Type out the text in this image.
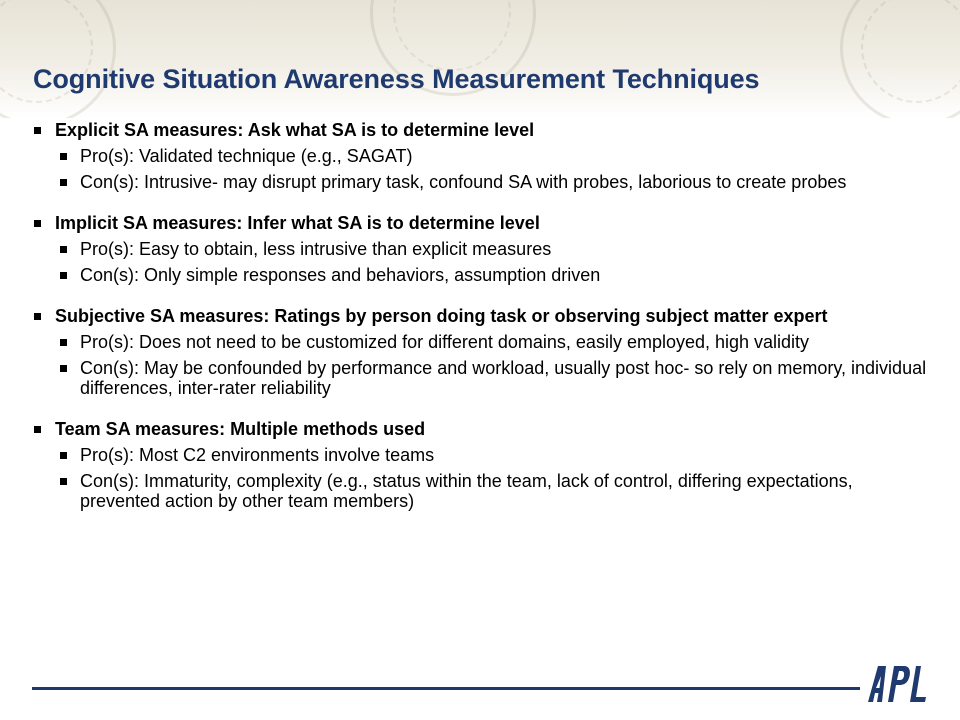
Cognitive Situation Awareness Measurement Techniques
Explicit SA measures: Ask what SA is to determine level
Pro(s): Validated technique (e.g., SAGAT)
Con(s): Intrusive- may disrupt primary task, confound SA with probes, laborious to create probes
Implicit SA measures: Infer what SA is to determine level
Pro(s): Easy to obtain, less intrusive than explicit measures
Con(s): Only simple responses and behaviors, assumption driven
Subjective SA measures: Ratings by person doing task or observing subject matter expert
Pro(s): Does not need to be customized for different domains, easily employed, high validity
Con(s): May be confounded by performance and workload, usually post hoc- so rely on memory, individual differences, inter-rater reliability
Team SA measures: Multiple methods used
Pro(s): Most C2 environments involve teams
Con(s): Immaturity, complexity (e.g., status within the team, lack of control, differing expectations, prevented action by other team members)
